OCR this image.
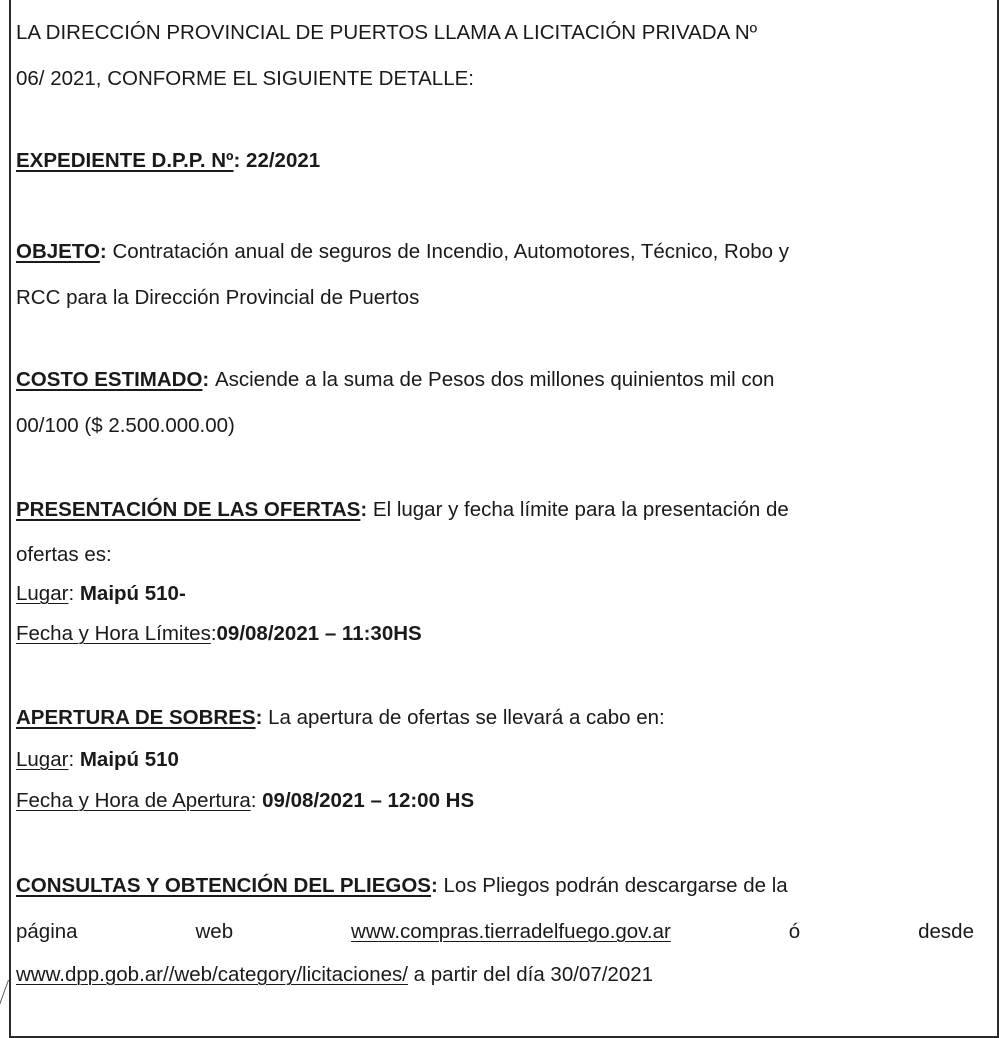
LA DIRECCIÓN PROVINCIAL DE PUERTOS LLAMA A LICITACIÓN PRIVADA Nº
06/ 2021, CONFORME EL SIGUIENTE DETALLE:
EXPEDIENTE D.P.P. Nº: 22/2021
OBJETO: Contratación anual de seguros de Incendio, Automotores, Técnico, Robo y
RCC para la Dirección Provincial de Puertos
COSTO ESTIMADO: Asciende a la suma de Pesos dos millones quinientos mil con
00/100 ($ 2.500.000.00)
PRESENTACIÓN DE LAS OFERTAS: El lugar y fecha límite para la presentación de
ofertas es:
Lugar: Maipú 510-
Fecha y Hora Límites:09/08/2021 – 11:30HS
APERTURA DE SOBRES: La apertura de ofertas se llevará a cabo en:
Lugar: Maipú 510
Fecha y Hora de Apertura: 09/08/2021 – 12:00 HS
CONSULTAS Y OBTENCIÓN DEL PLIEGOS: Los Pliegos podrán descargarse de la
página	web	www.compras.tierradelfuego.gov.ar	ó	desde
www.dpp.gob.ar//web/category/licitaciones/ a partir del día 30/07/2021
